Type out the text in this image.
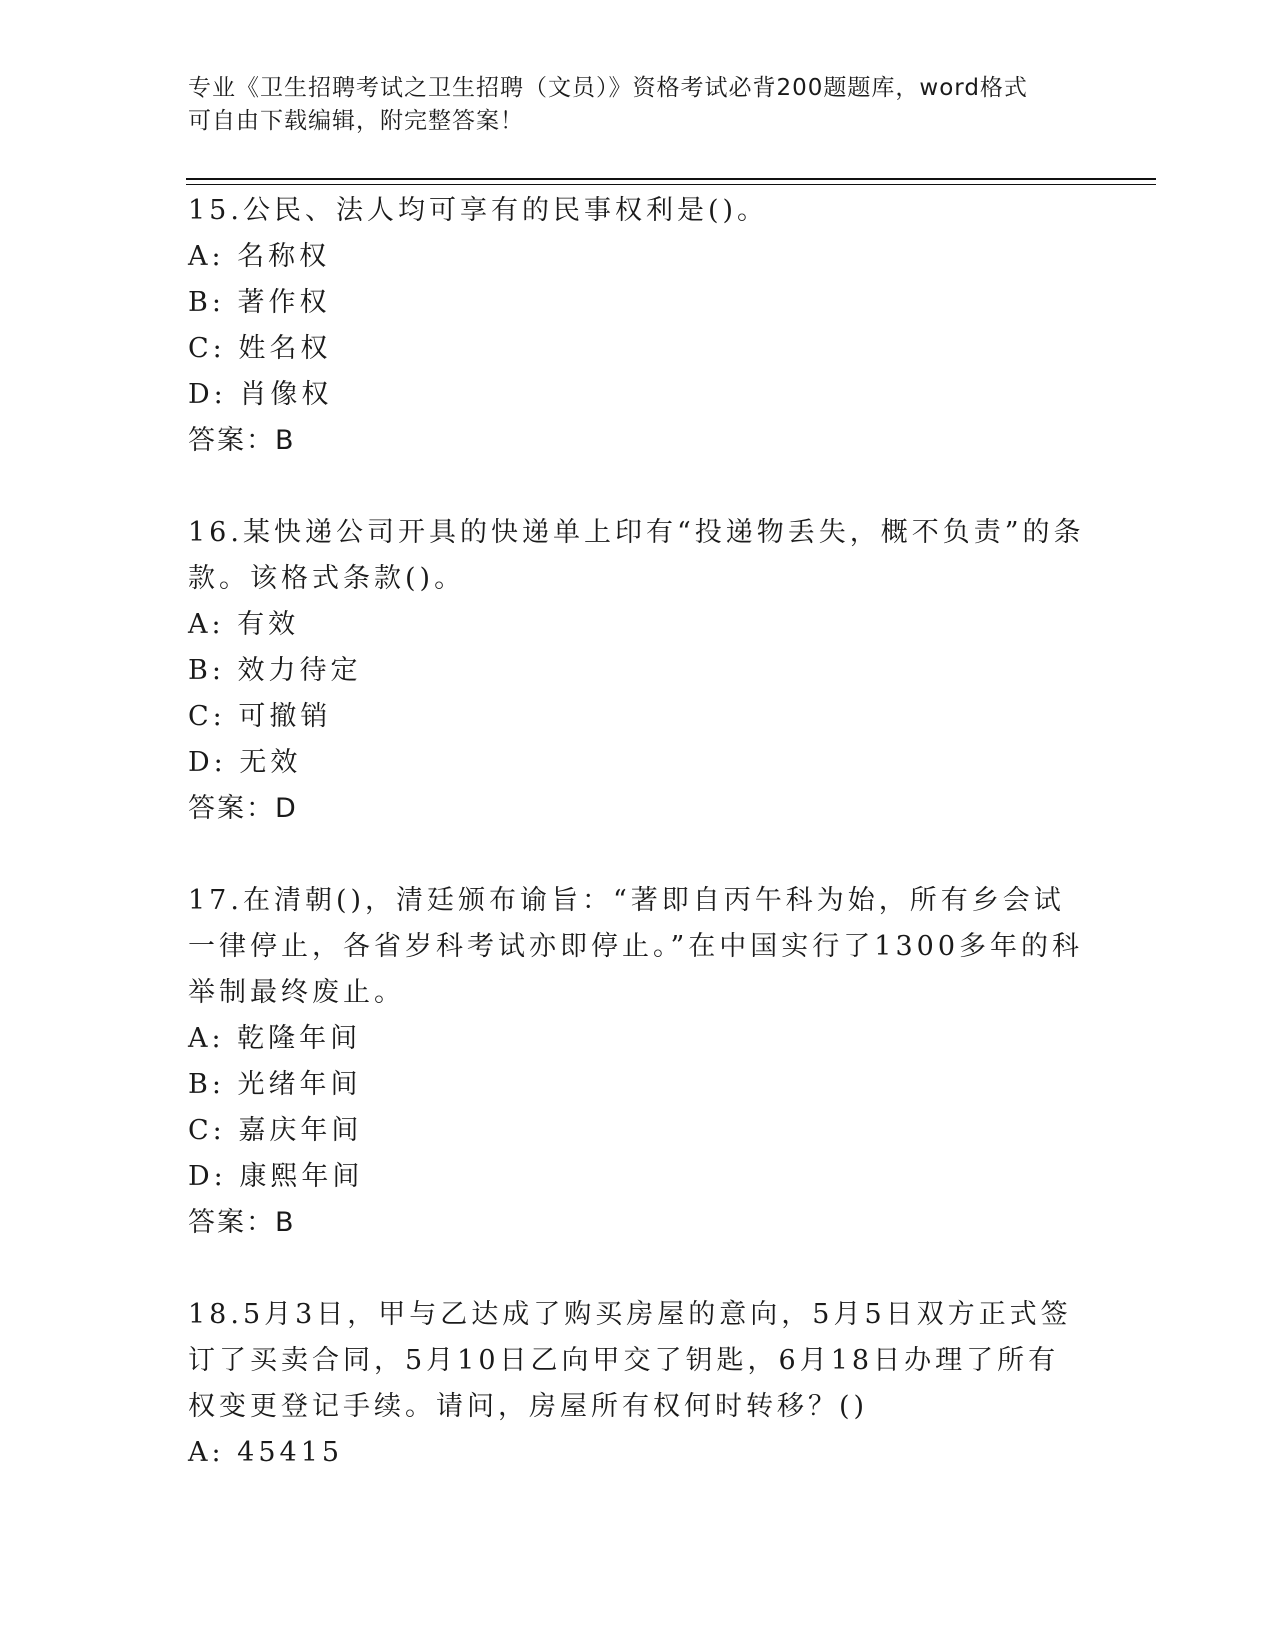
专业《卫生招聘考试之卫生招聘（文员）》资格考试必背200题题库，word格式
可自由下载编辑，附完整答案！
15.公民、法人均可享有的民事权利是()。
A: 名称权
B: 著作权
C: 姓名权
D: 肖像权
答案：B
16.某快递公司开具的快递单上印有“投递物丢失，概不负责”的条款。该格式条款()。
A: 有效
B: 效力待定
C: 可撤销
D: 无效
答案：D
17.在清朝()，清廷颁布谕旨：“著即自丙午科为始，所有乡会试一律停止，各省岁科考试亦即停止。”在中国实行了1300多年的科举制最终废止。
A: 乾隆年间
B: 光绪年间
C: 嘉庆年间
D: 康熙年间
答案：B
18.5月3日，甲与乙达成了购买房屋的意向，5月5日双方正式签订了买卖合同，5月10日乙向甲交了钥匙，6月18日办理了所有权变更登记手续。请问，房屋所有权何时转移？()
A: 45415
